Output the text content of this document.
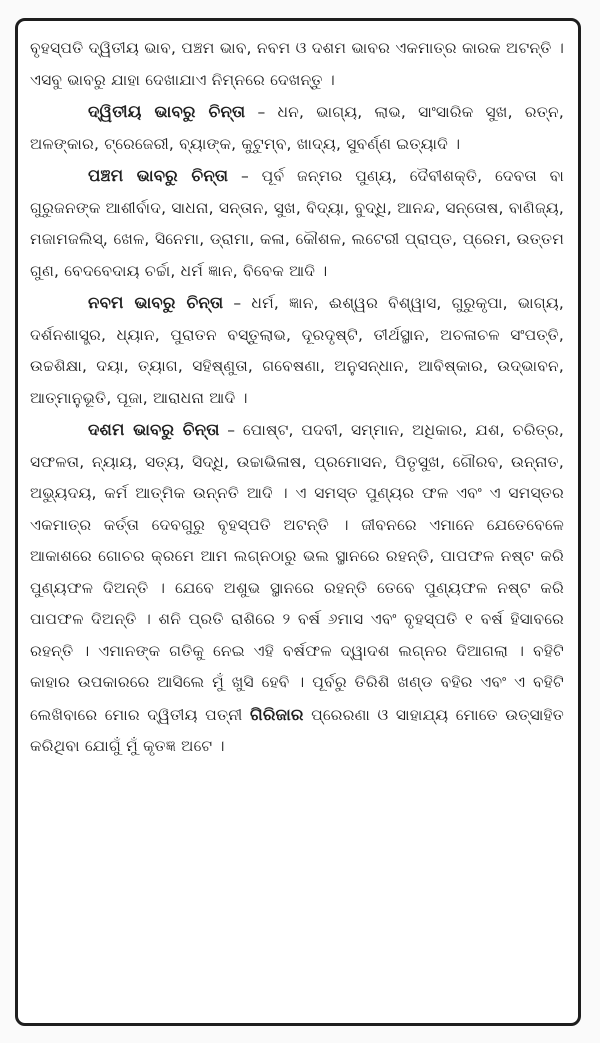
ବୃହସ୍ପତି ଦ୍ୱିତୀୟ ଭାବ, ପଞ୍ଚମ ଭାବ, ନବମ ଓ ଦଶମ ଭାବର ଏକମାତ୍ର କାରକ ଅଟନ୍ତି । ଏସବୁ ଭାବରୁ ଯାହା ଦେଖାଯାଏ ନିମ୍ନରେ ଦେଖନ୍ତୁ ।

ଦ୍ୱିତୀୟ ଭାବରୁ ଚିନ୍ତା – ଧନ, ଭାଗ୍ୟ, ଲାଭ, ସାଂସାରିକ ସୁଖ, ରତ୍ନ, ଅଳଙ୍କାର, ଟ୍ରେଜେରୀ, ବ୍ୟାଙ୍କ, କୁଟୁମ୍ବ, ଖାଦ୍ୟ, ସୁବର୍ଣ୍ଣ ଇତ୍ୟାଦି ।

ପଞ୍ଚମ ଭାବରୁ ଚିନ୍ତା – ପୂର୍ବ ଜନ୍ମର ପୁଣ୍ୟ, ଦୈବୀଶକ୍ତି, ଦେବତା ବା ଗୁରୁଜନଙ୍କ ଆଶୀର୍ବାଦ, ସାଧନା, ସନ୍ତାନ, ସୁଖ, ବିଦ୍ୟା, ବୁଦ୍ଧି, ଆନନ୍ଦ, ସନ୍ତୋଷ, ବାଣିଜ୍ୟ, ମଜାମଜଲିସ୍, ଖେଳ, ସିନେମା, ଡ୍ରାମା, କଳା, କୌଶଳ, ଲଟେରୀ ପ୍ରାପ୍ତ, ପ୍ରେମ, ଉତ୍ତମ ଗୁଣ, ବେଦବେଦାୟ ଚର୍ଚ୍ଚା, ଧର୍ମ ଜ୍ଞାନ, ବିବେକ ଆଦି ।

ନବମ ଭାବରୁ ଚିନ୍ତା – ଧର୍ମ, ଜ୍ଞାନ, ଈଶ୍ୱର ବିଶ୍ୱାସ, ଗୁରୁକୃପା, ଭାଗ୍ୟ, ଦର୍ଶନଶାସ୍ତ୍ର, ଧ୍ୟାନ, ପୁରାତନ ବସ୍ତୁଲାଭ, ଦୂରଦୃଷ୍ଟି, ତୀର୍ଥସ୍ଥାନ, ଅଚଳାଚଳ ସଂପତ୍ତି, ଉଚ୍ଚଶିକ୍ଷା, ଦୟା, ତ୍ୟାଗ, ସହିଷ୍ଣୁତା, ଗବେଷଣା, ଅନୁସନ୍ଧାନ, ଆବିଷ୍କାର, ଉଦ୍‌ଭାବନ, ଆତ୍ମାନୁଭୂତି, ପୂଜା, ଆରାଧନା ଆଦି ।

ଦଶମ ଭାବରୁ ଚିନ୍ତା – ପୋଷ୍ଟ, ପଦବୀ, ସମ୍ମାନ, ଅଧିକାର, ଯଶ, ଚରିତ୍ର, ସଫଳତା, ନ୍ୟାୟ, ସତ୍ୟ, ସିଦ୍ଧି, ଉଚ୍ଚାଭିଳାଷ, ପ୍ରମୋସନ, ପିତୃସୁଖ, ଗୌରବ, ଉନ୍ନାତ, ଅଭ୍ୟୁଦୟ, କର୍ମ ଆତ୍ମିକ ଉନ୍ନତି ଆଦି । ଏ ସମସ୍ତ ପୁଣ୍ୟର ଫଳ ଏବଂ ଏ ସମସ୍ତର ଏକମାତ୍ର କର୍ତ୍ତା ଦେବଗୁରୁ ବୃହସ୍ପତି ଅଟନ୍ତି । ଜୀବନରେ ଏମାନେ ଯେତେବେଳେ ଆକାଶରେ ଗୋଚର କ୍ରମେ ଆମ ଲଗ୍ନଠାରୁ ଭଲ ସ୍ଥାନରେ ରହନ୍ତି, ପାପଫଳ ନଷ୍ଟ କରି ପୁଣ୍ୟଫଳ ଦିଅନ୍ତି । ଯେବେ ଅଶୁଭ ସ୍ଥାନରେ ରହନ୍ତି ତେବେ ପୁଣ୍ୟଫଳ ନଷ୍ଟ କରି ପାପଫଳ ଦିଅନ୍ତି । ଶନି ପ୍ରତି ରାଶିରେ ୨ ବର୍ଷ ୬ମାସ ଏବଂ ବୃହସ୍ପତି ୧ ବର୍ଷ ହିସାବରେ ରହନ୍ତି । ଏମାନଙ୍କ ଗତିକୁ ନେଇ ଏହି ବର୍ଷଫଳ ଦ୍ୱାଦଶ ଲଗ୍ନର ଦିଆଗଲା । ବହିଟି କାହାର ଉପକାରରେ ଆସିଲେ ମୁଁ ଖୁସି ହେବି । ପୂର୍ବରୁ ତିରିଶି ଖଣ୍ଡ ବହିର ଏବଂ ଏ ବହିଟି ଲେଖିବାରେ ମୋର ଦ୍ୱିତୀୟ ପତ୍ନୀ ଗିରିଜାର ପ୍ରେରଣା ଓ ସାହାଯ୍ୟ ମୋତେ ଉତ୍ସାହିତ କରିଥିବା ଯୋଗୁଁ ମୁଁ କୃତଜ୍ଞ ଅଟେ ।
